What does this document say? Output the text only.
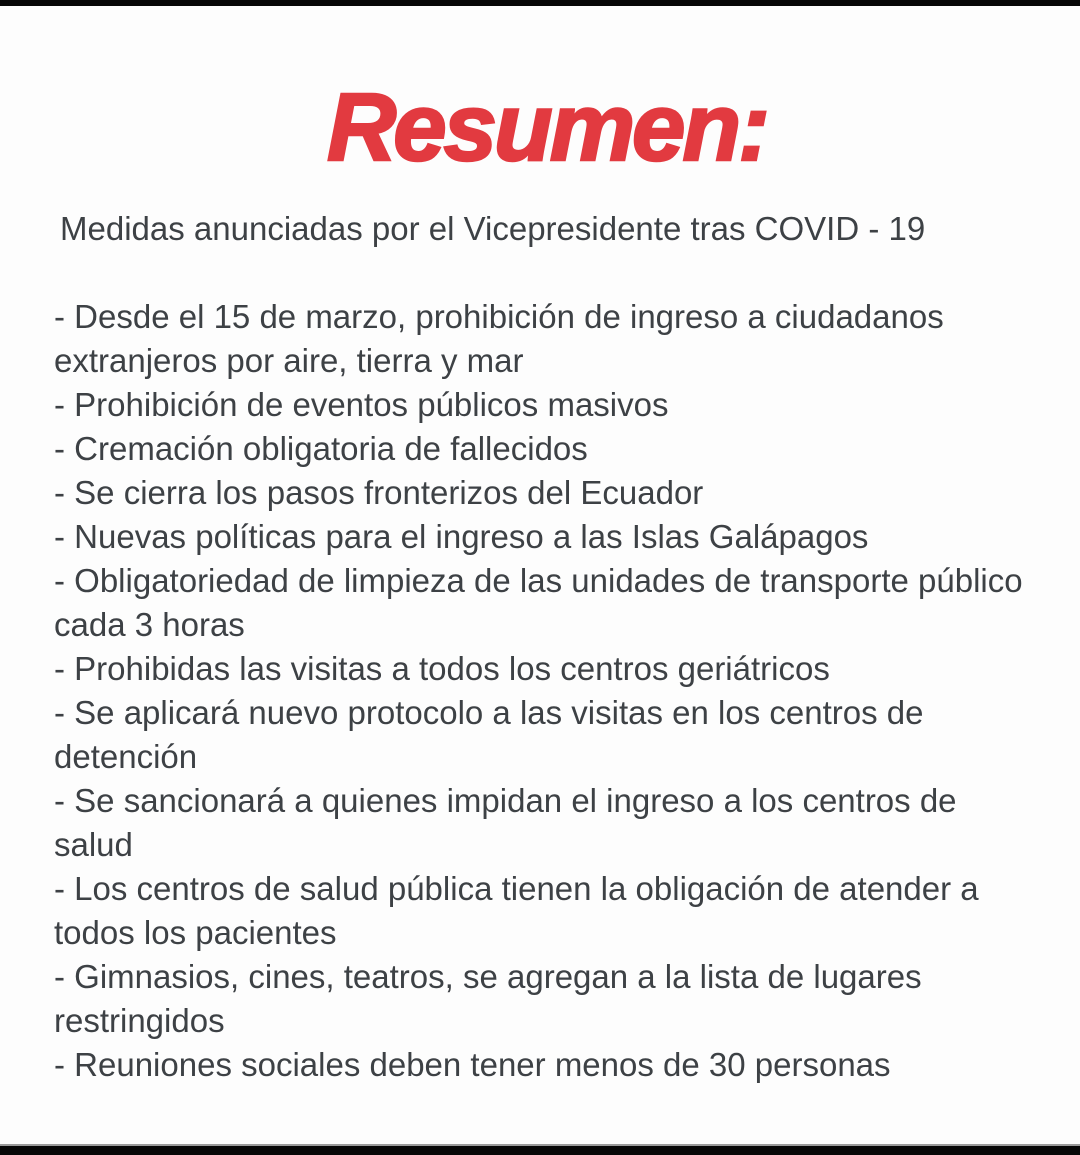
Resumen:

Medidas anunciadas por el Vicepresidente tras COVID - 19

- Desde el 15 de marzo, prohibición de ingreso a ciudadanos extranjeros por aire, tierra y mar
- Prohibición de eventos públicos masivos
- Cremación obligatoria de fallecidos
- Se cierra los pasos fronterizos del Ecuador
- Nuevas políticas para el ingreso a las Islas Galápagos
- Obligatoriedad de limpieza de las unidades de transporte público cada 3 horas
- Prohibidas las visitas a todos los centros geriátricos
- Se aplicará nuevo protocolo a las visitas en los centros de detención
- Se sancionará a quienes impidan el ingreso a los centros de salud
- Los centros de salud pública tienen la obligación de atender a todos los pacientes
- Gimnasios, cines, teatros, se agregan a la lista de lugares restringidos
- Reuniones sociales deben tener menos de 30 personas
